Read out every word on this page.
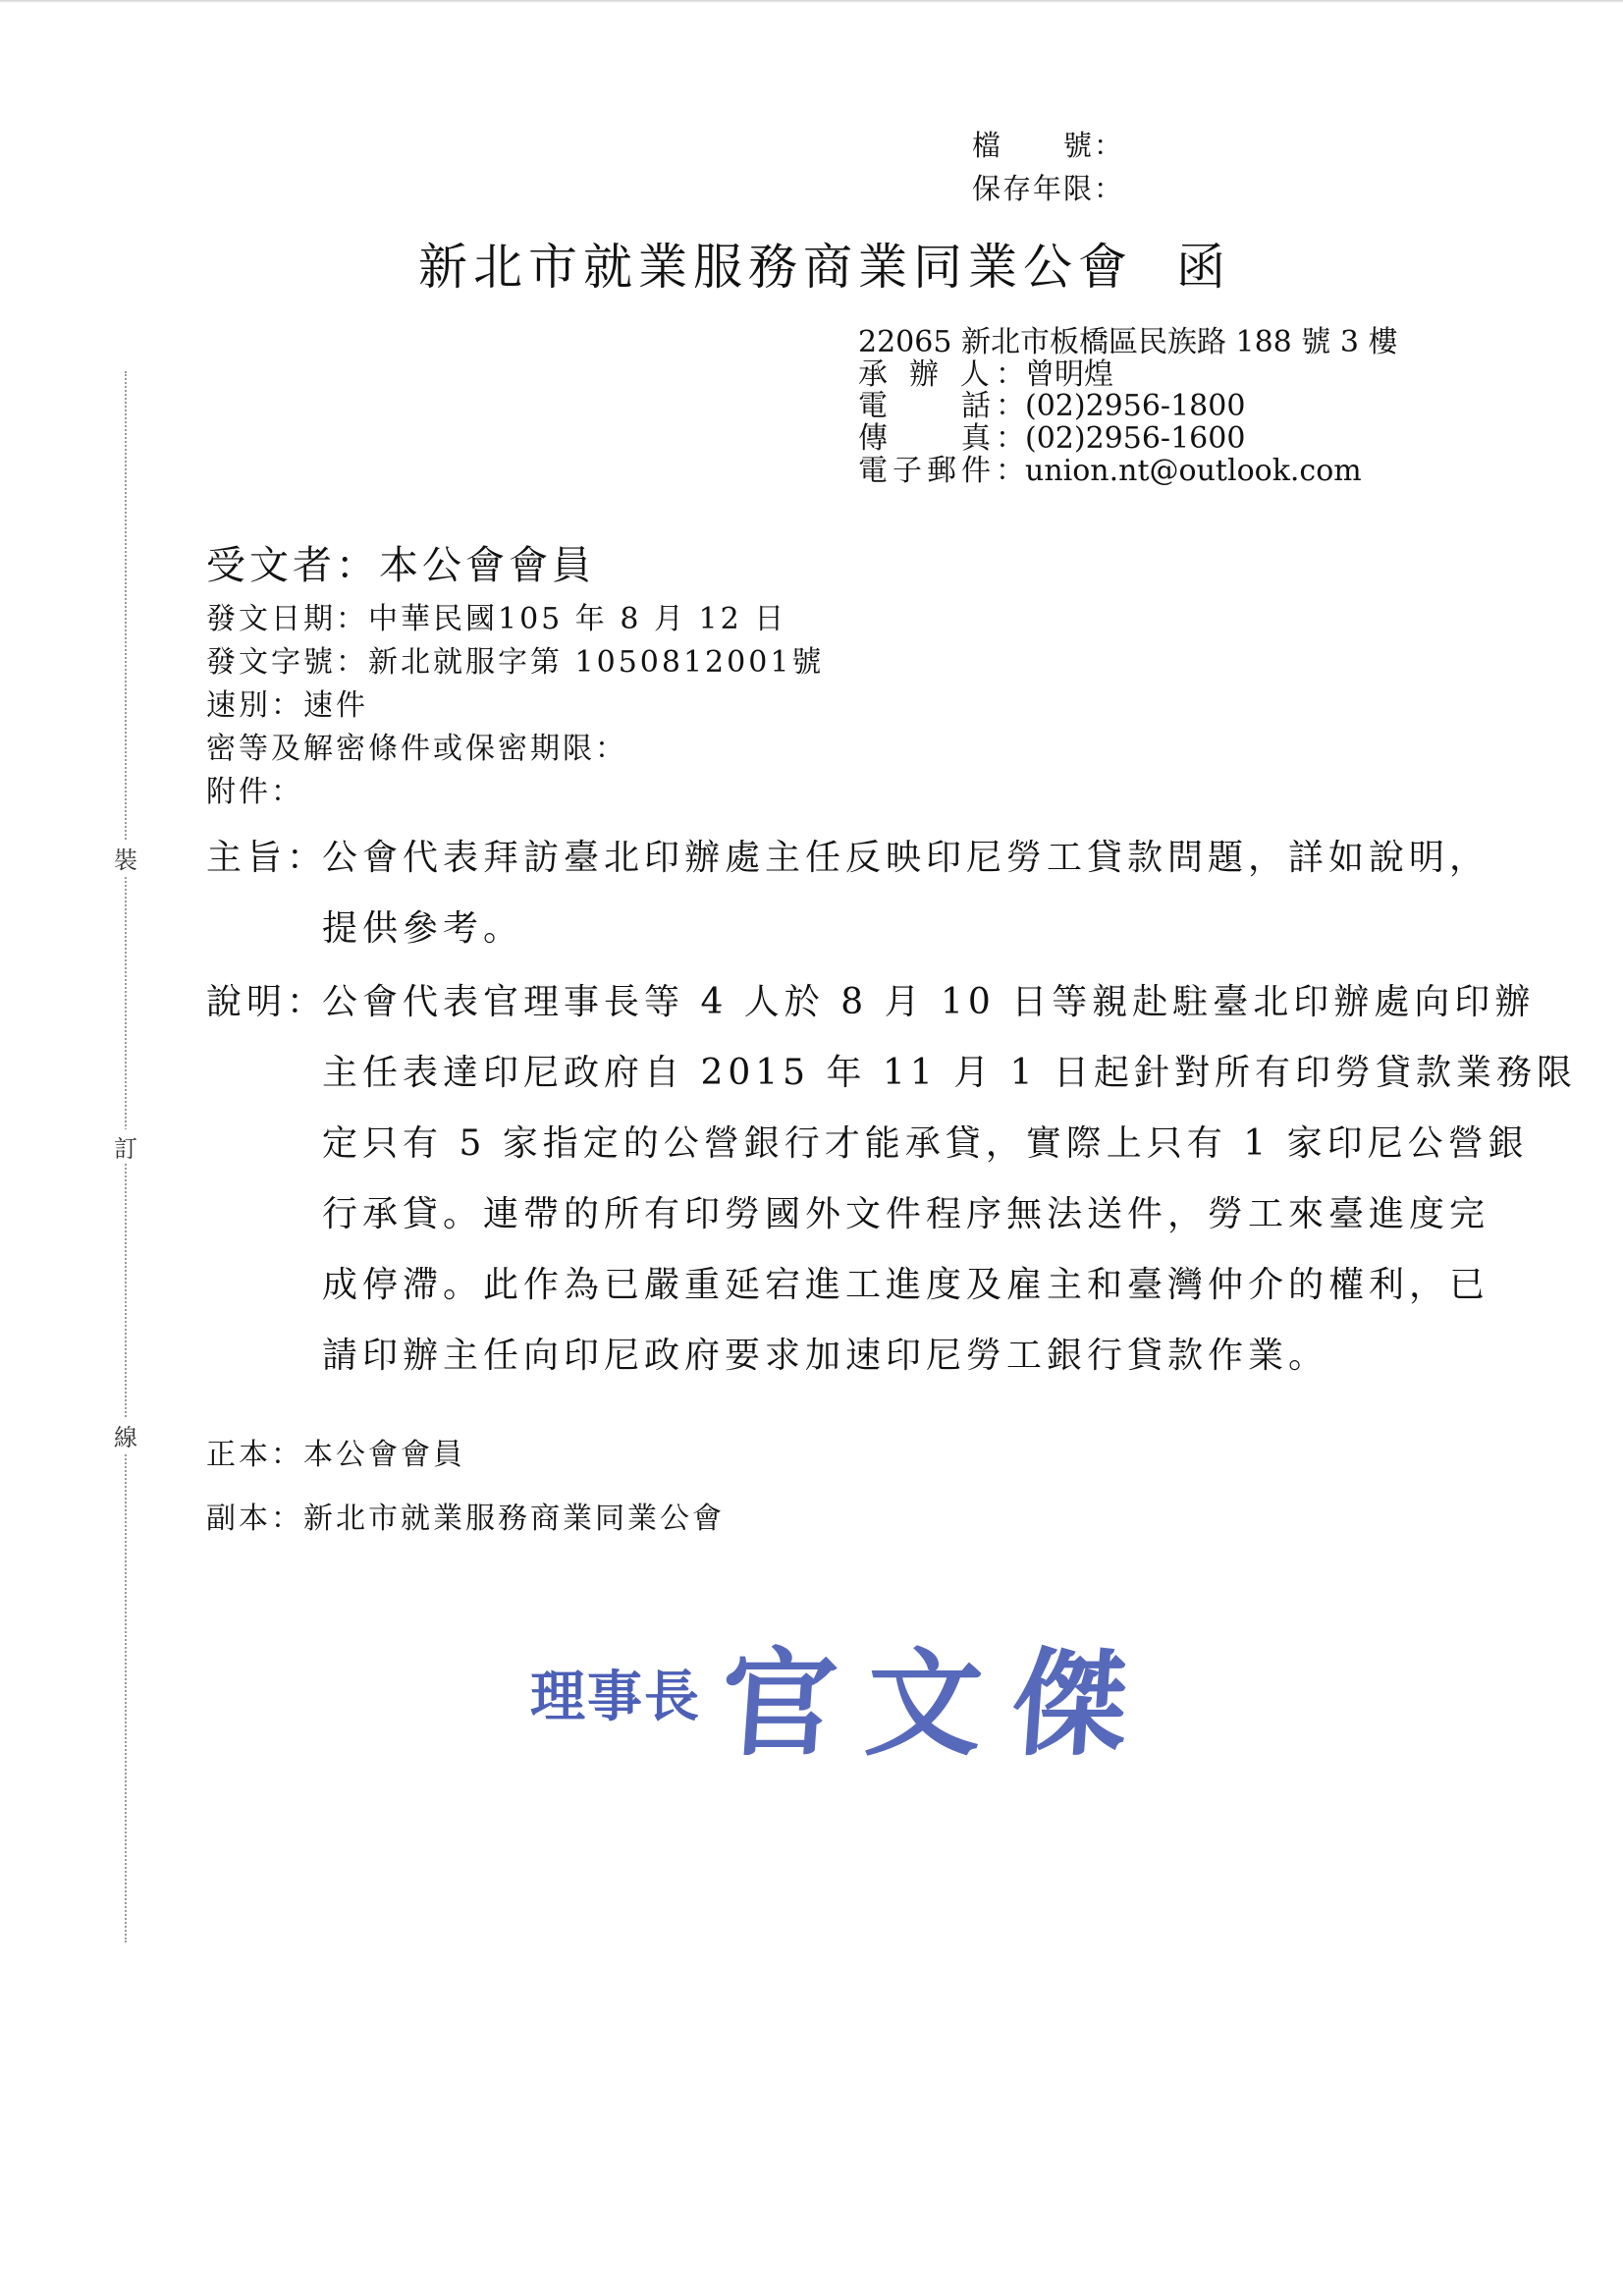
檔 號：
保存年限：
新北市就業服務商業同業公會 函
22065 新北市板橋區民族路 188 號 3 樓
承 辦 人：曾明煌
電　　話：(02)2956-1800
傳　　真：(02)2956-1600
電子郵件：union.nt@outlook.com
裝
訂
線
受文者：本公會會員
發文日期：中華民國105 年 8 月 12 日
發文字號：新北就服字第 1050812001號
速別：速件
密等及解密條件或保密期限：
附件：
主旨：
公會代表拜訪臺北印辦處主任反映印尼勞工貸款問題，詳如說明，
提供參考。
說明：
公會代表官理事長等 4 人於 8 月 10 日等親赴駐臺北印辦處向印辦
主任表達印尼政府自 2015 年 11 月 1 日起針對所有印勞貸款業務限
定只有 5 家指定的公營銀行才能承貸，實際上只有 1 家印尼公營銀
行承貸。連帶的所有印勞國外文件程序無法送件，勞工來臺進度完
成停滯。此作為已嚴重延宕進工進度及雇主和臺灣仲介的權利，已
請印辦主任向印尼政府要求加速印尼勞工銀行貸款作業。
正本：本公會會員
副本：新北市就業服務商業同業公會
理事長 官文傑
